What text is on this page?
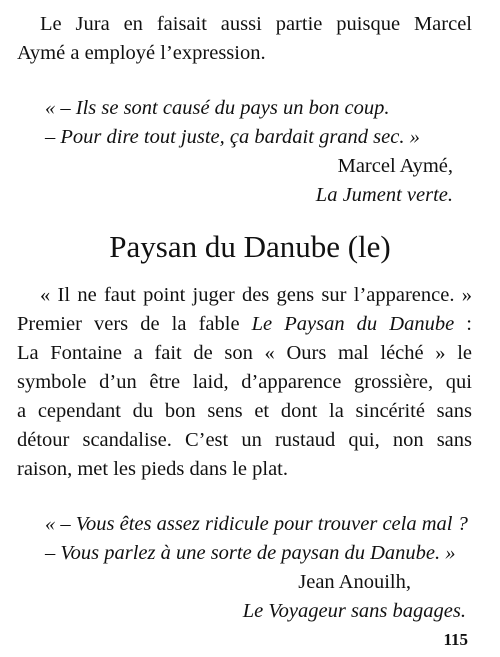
Le Jura en faisait aussi partie puisque Marcel
Aymé a employé l’expression.
« – Ils se sont causé du pays un bon coup.
– Pour dire tout juste, ça bardait grand sec. »
Marcel Aymé,
La Jument verte.
Paysan du Danube (le)
« Il ne faut point juger des gens sur l’apparence. »
Premier vers de la fable Le Paysan du Danube :
La Fontaine a fait de son « Ours mal léché » le
symbole d’un être laid, d’apparence grossière, qui
a cependant du bon sens et dont la sincérité sans
détour scandalise. C’est un rustaud qui, non sans
raison, met les pieds dans le plat.
« – Vous êtes assez ridicule pour trouver cela mal ?
– Vous parlez à une sorte de paysan du Danube. »
Jean Anouilh,
Le Voyageur sans bagages.
115
